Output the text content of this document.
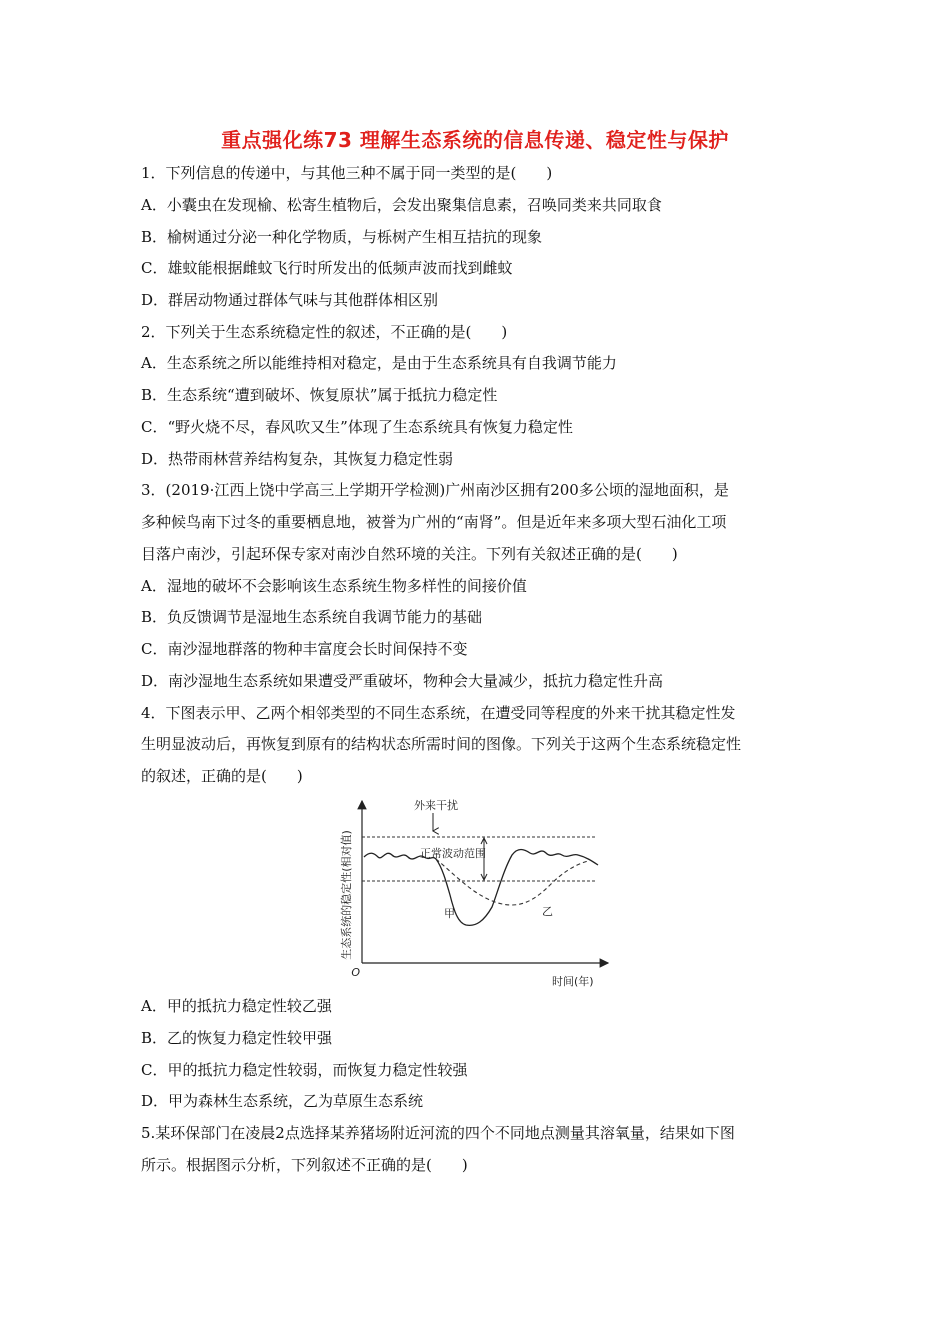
重点强化练73 理解生态系统的信息传递、稳定性与保护
1．下列信息的传递中，与其他三种不属于同一类型的是(　　)
A．小囊虫在发现榆、松寄生植物后，会发出聚集信息素，召唤同类来共同取食
B．榆树通过分泌一种化学物质，与栎树产生相互拮抗的现象
C．雄蚊能根据雌蚊飞行时所发出的低频声波而找到雌蚊
D．群居动物通过群体气味与其他群体相区别
2．下列关于生态系统稳定性的叙述，不正确的是(　　)
A．生态系统之所以能维持相对稳定，是由于生态系统具有自我调节能力
B．生态系统“遭到破坏、恢复原状”属于抵抗力稳定性
C．“野火烧不尽，春风吹又生”体现了生态系统具有恢复力稳定性
D．热带雨林营养结构复杂，其恢复力稳定性弱
3．(2019·江西上饶中学高三上学期开学检测)广州南沙区拥有200多公顷的湿地面积，是
多种候鸟南下过冬的重要栖息地，被誉为广州的“南肾”。但是近年来多项大型石油化工项
目落户南沙，引起环保专家对南沙自然环境的关注。下列有关叙述正确的是(　　)
A．湿地的破坏不会影响该生态系统生物多样性的间接价值
B．负反馈调节是湿地生态系统自我调节能力的基础
C．南沙湿地群落的物种丰富度会长时间保持不变
D．南沙湿地生态系统如果遭受严重破坏，物种会大量减少，抵抗力稳定性升高
4．下图表示甲、乙两个相邻类型的不同生态系统，在遭受同等程度的外来干扰其稳定性发
生明显波动后，再恢复到原有的结构状态所需时间的图像。下列关于这两个生态系统稳定性
的叙述，正确的是(　　)
生态系统的稳定性(相对值)
O
时间(年)
外来干扰
正常波动范围
甲	乙
A．甲的抵抗力稳定性较乙强
B．乙的恢复力稳定性较甲强
C．甲的抵抗力稳定性较弱，而恢复力稳定性较强
D．甲为森林生态系统，乙为草原生态系统
5.某环保部门在凌晨2点选择某养猪场附近河流的四个不同地点测量其溶氧量，结果如下图
所示。根据图示分析，下列叙述不正确的是(　　)
